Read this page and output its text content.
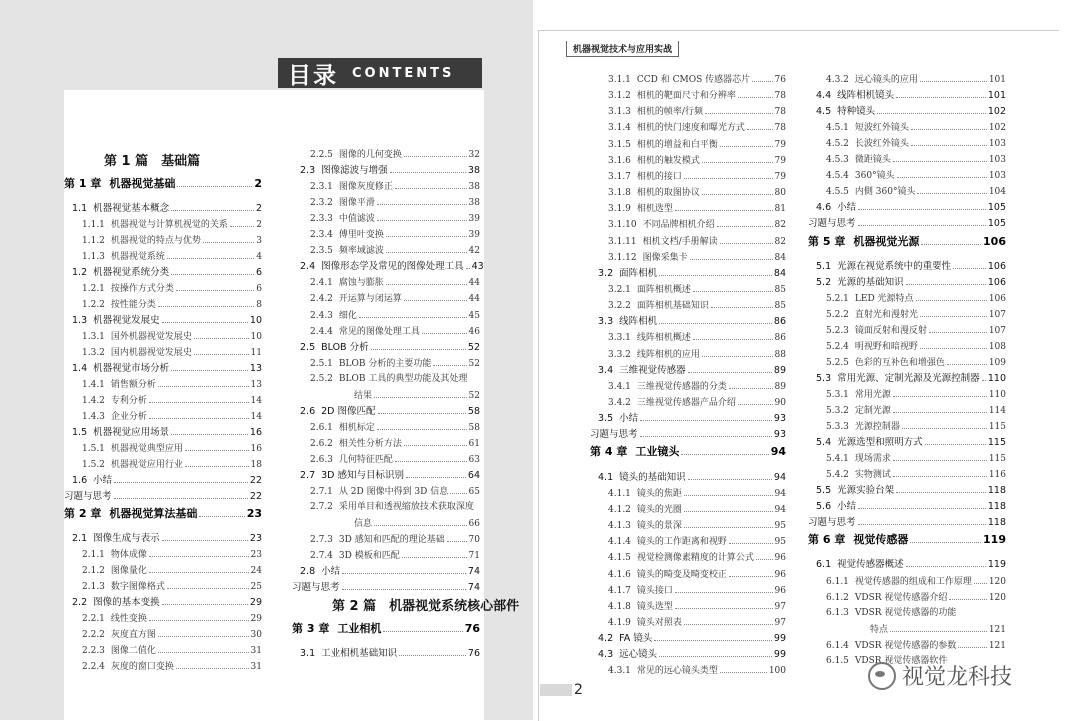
目录 CONTENTS
机器视觉技术与应用实战
第 1 篇　基础篇
第 1 章 机器视觉基础	2
1.1 机器视觉基本概念	2
1.1.1 机器视觉与计算机视觉的关系	2
1.1.2 机器视觉的特点与优势	3
1.1.3 机器视觉系统	4
1.2 机器视觉系统分类	6
1.2.1 按操作方式分类	6
1.2.2 按性能分类	8
1.3 机器视觉发展史	10
1.3.1 国外机器视觉发展史	10
1.3.2 国内机器视觉发展史	11
1.4 机器视觉市场分析	13
1.4.1 销售额分析	13
1.4.2 专利分析	14
1.4.3 企业分析	14
1.5 机器视觉应用场景	16
1.5.1 机器视觉典型应用	16
1.5.2 机器视觉应用行业	18
1.6 小结	22
习题与思考	22
第 2 章 机器视觉算法基础	23
2.1 图像生成与表示	23
2.1.1 物体成像	23
2.1.2 图像量化	24
2.1.3 数字图像格式	25
2.2 图像的基本变换	29
2.2.1 线性变换	29
2.2.2 灰度直方图	30
2.2.3 图像二值化	31
2.2.4 灰度的窗口变换	31
2.2.5 图像的几何变换	32
2.3 图像滤波与增强	38
2.3.1 图像灰度修正	38
2.3.2 图像平滑	38
2.3.3 中值滤波	39
2.3.4 傅里叶变换	39
2.3.5 频率域滤波	42
2.4 图像形态学及常见的图像处理工具 43
2.4.1 腐蚀与膨胀	44
2.4.2 开运算与闭运算	44
2.4.3 细化	45
2.4.4 常见的图像处理工具	46
2.5 BLOB 分析	52
2.5.1 BLOB 分析的主要功能	52
2.5.2 BLOB 工具的典型功能及其处理
结果	52
2.6 2D 图像匹配	58
2.6.1 相机标定	58
2.6.2 相关性分析方法	61
2.6.3 几何特征匹配	63
2.7 3D 感知与目标识别	64
2.7.1 从 2D 图像中得到 3D 信息 65
2.7.2 采用单目和透视缩放技术获取深度
信息	66
2.7.3 3D 感知和匹配的理论基础	70
2.7.4 3D 模板和匹配	71
2.8 小结	74
习题与思考	74
第 2 篇　机器视觉系统核心部件
第 3 章 工业相机	76
3.1 工业相机基础知识	76
3.1.1 CCD 和 CMOS 传感器芯片	76
3.1.2 相机的靶面尺寸和分辨率	78
3.1.3 相机的帧率/行频	78
3.1.4 相机的快门速度和曝光方式	78
3.1.5 相机的增益和白平衡	79
3.1.6 相机的触发模式	79
3.1.7 相机的接口	79
3.1.8 相机的取图协议	80
3.1.9 相机选型	81
3.1.10 不同品牌相机介绍	82
3.1.11 相机文档/手册解读	82
3.1.12 图像采集卡	84
3.2 面阵相机	84
3.2.1 面阵相机概述	85
3.2.2 面阵相机基础知识	85
3.3 线阵相机	86
3.3.1 线阵相机概述	86
3.3.2 线阵相机的应用	88
3.4 三维视觉传感器	89
3.4.1 三维视觉传感器的分类	89
3.4.2 三维视觉传感器产品介绍	90
3.5 小结	93
习题与思考	93
第 4 章 工业镜头	94
4.1 镜头的基础知识	94
4.1.1 镜头的焦距	94
4.1.2 镜头的光圈	94
4.1.3 镜头的景深	95
4.1.4 镜头的工作距离和视野	95
4.1.5 视觉检测像素精度的计算公式 96
4.1.6 镜头的畸变及畸变校正	96
4.1.7 镜头接口	96
4.1.8 镜头选型	97
4.1.9 镜头对照表	97
4.2 FA 镜头	99
4.3 远心镜头	99
4.3.1 常见的远心镜头类型	100
4.3.2 远心镜头的应用	101
4.4 线阵相机镜头	101
4.5 特种镜头	102
4.5.1 短波红外镜头	102
4.5.2 长波红外镜头	103
4.5.3 微距镜头	103
4.5.4 360°镜头	103
4.5.5 内側 360°镜头	104
4.6 小结	105
习题与思考	105
第 5 章 机器视觉光源	106
5.1 光源在视觉系统中的重要性	106
5.2 光源的基础知识	106
5.2.1 LED 光源特点	106
5.2.2 直射光和漫射光	107
5.2.3 镜面反射和漫反射	107
5.2.4 明视野和暗视野	108
5.2.5 色彩的互补色和增强色	109
5.3 常用光源、定制光源及光源控制器 110
5.3.1 常用光源	110
5.3.2 定制光源	114
5.3.3 光源控制器	115
5.4 光源选型和照明方式	115
5.4.1 现场需求	115
5.4.2 实物测试	116
5.5 光源实验台架	118
5.6 小结	118
习题与思考	118
第 6 章 视觉传感器	119
6.1 视觉传感器概述	119
6.1.1 视觉传感器的组成和工作原理 120
6.1.2 VDSR 视觉传感器介绍	120
6.1.3 VDSR 视觉传感器的功能
特点	121
6.1.4 VDSR 视觉传感器的参数	121
6.1.5 VDSR 视觉传感器软件
2	视觉龙科技
